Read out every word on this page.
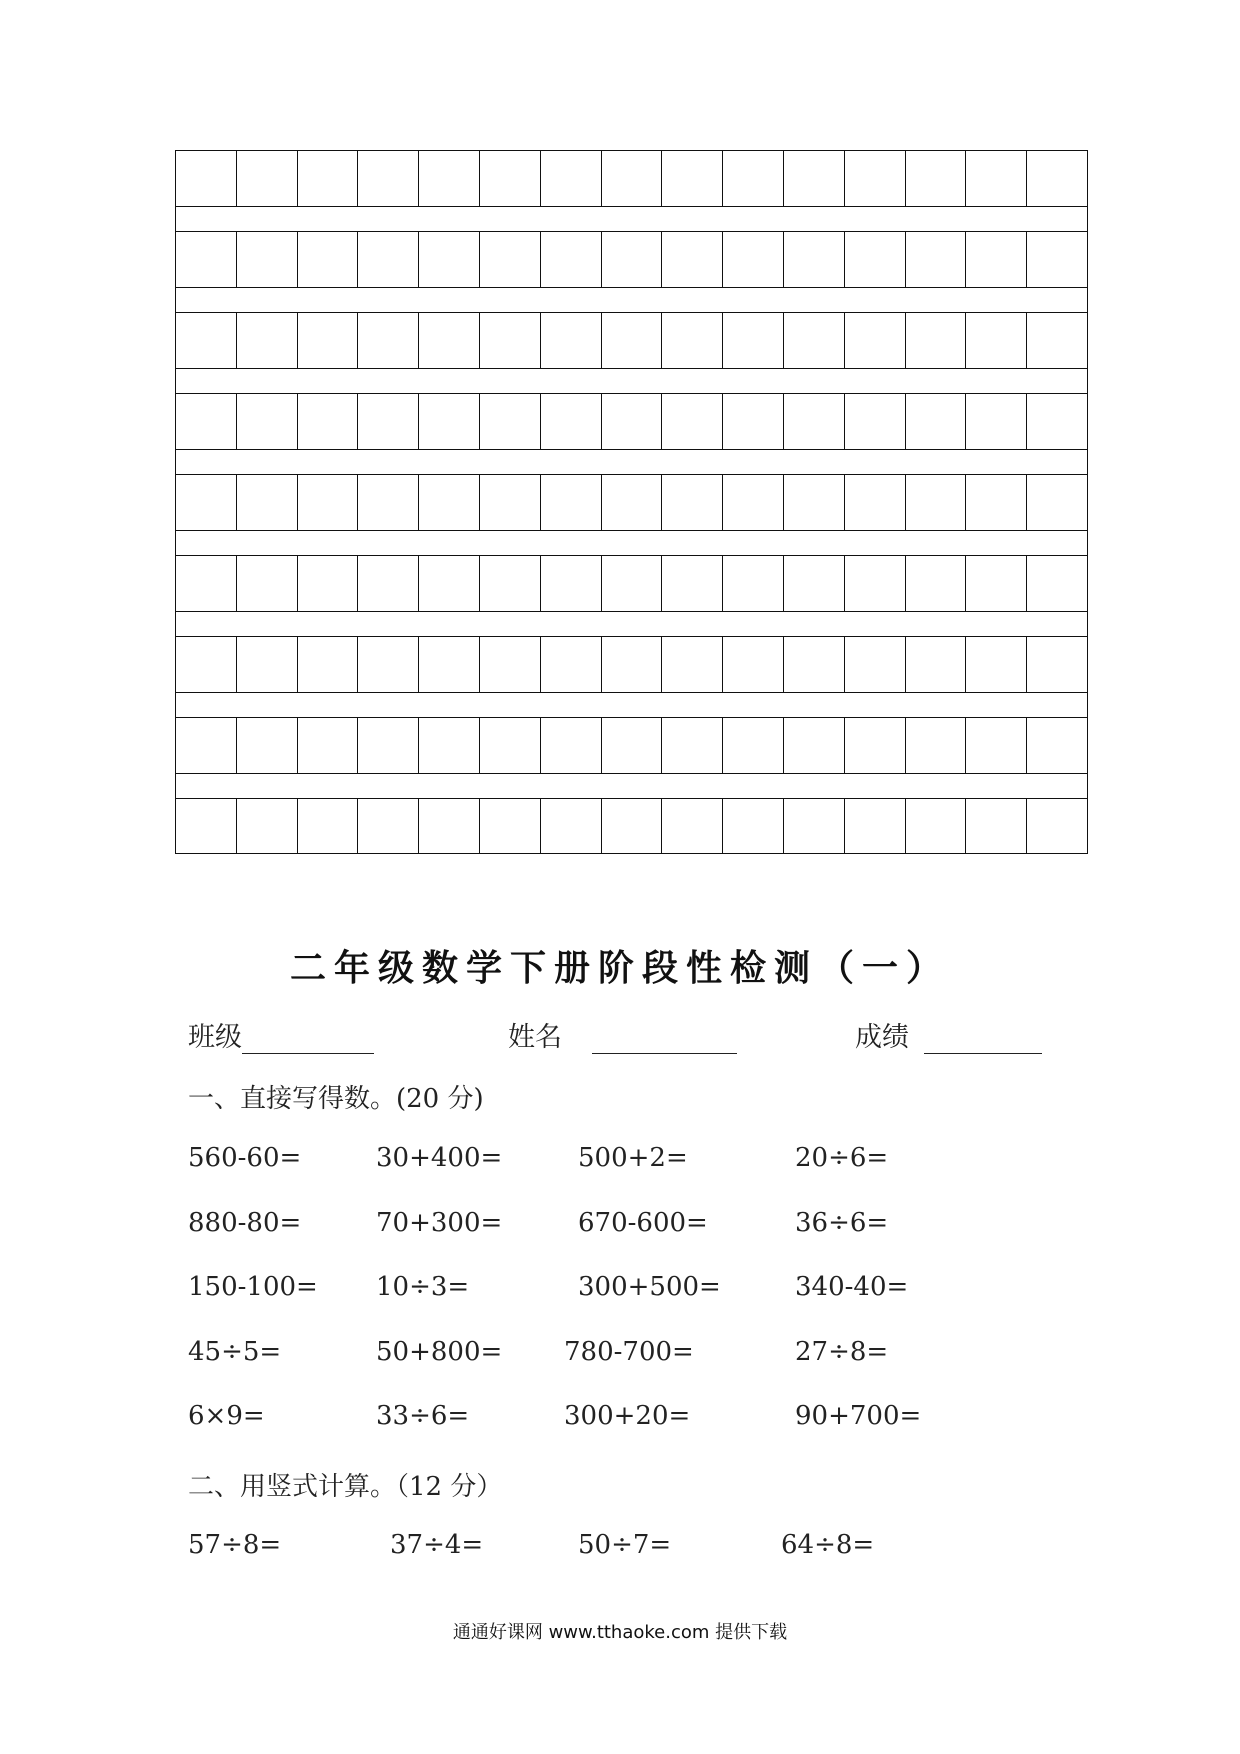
二年级数学下册阶段性检测（一）
班级	姓名	成绩
一、直接写得数。(20 分)
560-60=	30+400=	500+2=	20÷6=
880-80=	70+300=	670-600=	36÷6=
150-100= 10÷3=	300+500=	340-40=
45÷5=	50+800= 780-700=	27÷8=
6×9=	33÷6=	300+20=	90+700=
二、用竖式计算。（12 分）
57÷8=	37÷4=	50÷7=	64÷8=
通通好课网 www.tthaoke.com 提供下载
